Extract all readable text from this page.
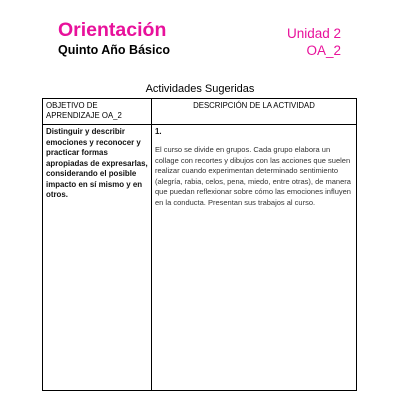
Orientación
Quinto Año Básico
Unidad 2
OA_2
Actividades Sugeridas
OBJETIVO DE APRENDIZAJE OA_2	DESCRIPCIÓN DE LA ACTIVIDAD
Distinguir y describir emociones y reconocer y practicar formas apropiadas de expresarlas, considerando el posible impacto en sí mismo y en otros.	1.
El curso se divide en grupos. Cada grupo elabora un collage con recortes y dibujos con las acciones que suelen realizar cuando experimentan determinado sentimiento (alegría, rabia, celos, pena, miedo, entre otras), de manera que puedan reflexionar sobre cómo las emociones influyen en la conducta. Presentan sus trabajos al curso.
